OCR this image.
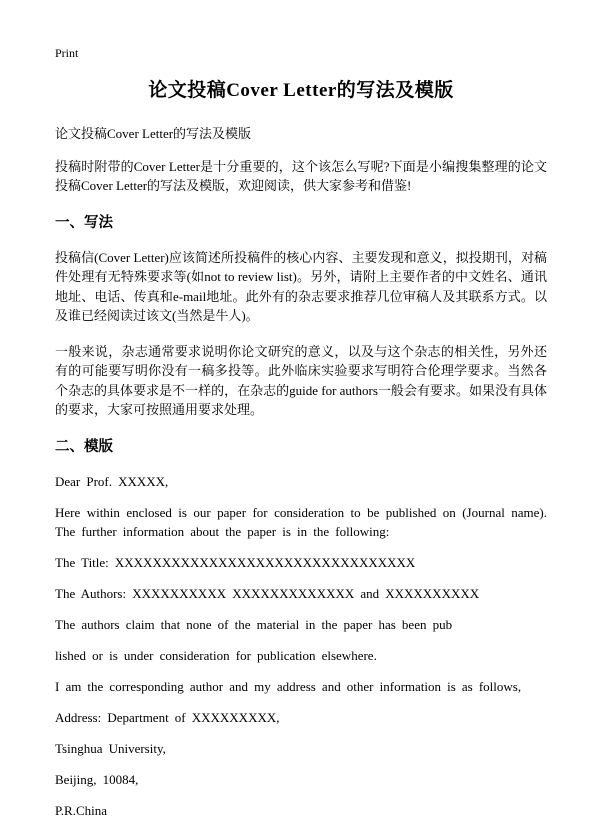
Print
论文投稿Cover Letter的写法及模版

论文投稿Cover Letter的写法及模版

投稿时附带的Cover Letter是十分重要的，这个该怎么写呢?下面是小编搜集整理的论文投稿Cover Letter的写法及模版，欢迎阅读，供大家参考和借鉴!

一、写法

投稿信(Cover Letter)应该简述所投稿件的核心内容、主要发现和意义，拟投期刊，对稿件处理有无特殊要求等(如not to review list)。另外，请附上主要作者的中文姓名、通讯地址、电话、传真和e-mail地址。此外有的杂志要求推荐几位审稿人及其联系方式。以及谁已经阅读过该文(当然是牛人)。

一般来说，杂志通常要求说明你论文研究的意义，以及与这个杂志的相关性，另外还有的可能要写明你没有一稿多投等。此外临床实验要求写明符合伦理学要求。当然各个杂志的具体要求是不一样的，在杂志的guide for authors一般会有要求。如果没有具体的要求，大家可按照通用要求处理。

二、模版

Dear Prof. XXXXX,

Here within enclosed is our paper for consideration to be published on (Journal name). The further information about the paper is in the following:

The Title: XXXXXXXXXXXXXXXXXXXXXXXXXXXXXXXX

The Authors: XXXXXXXXXX XXXXXXXXXXXXX and XXXXXXXXXX

The authors claim that none of the material in the paper has been pub

lished or is under consideration for publication elsewhere.

I am the corresponding author and my address and other information is as follows,

Address: Department of XXXXXXXXX,

Tsinghua University,

Beijing, 10084,

P.R.China
